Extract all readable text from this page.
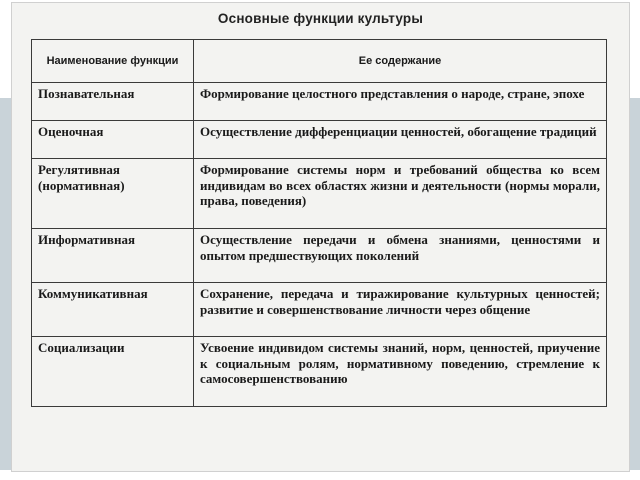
Основные функции культуры
Наименование функции	Ее содержание
Познавательная	Формирование целостного представления о народе, стране, эпохе
Оценочная	Осуществление дифференциации ценностей, обогащение традиций
Регулятивная (нормативная)	Формирование системы норм и требований общества ко всем индивидам во всех областях жизни и деятельности (нормы морали, права, поведения)
Информативная	Осуществление передачи и обмена знаниями, ценностями и опытом предшествующих поколений
Коммуникативная	Сохранение, передача и тиражирование культурных ценностей; развитие и совершенствование личности через общение
Социализации	Усвоение индивидом системы знаний, норм, ценностей, приучение к социальным ролям, нормативному поведению, стремление к самосовершенствованию
